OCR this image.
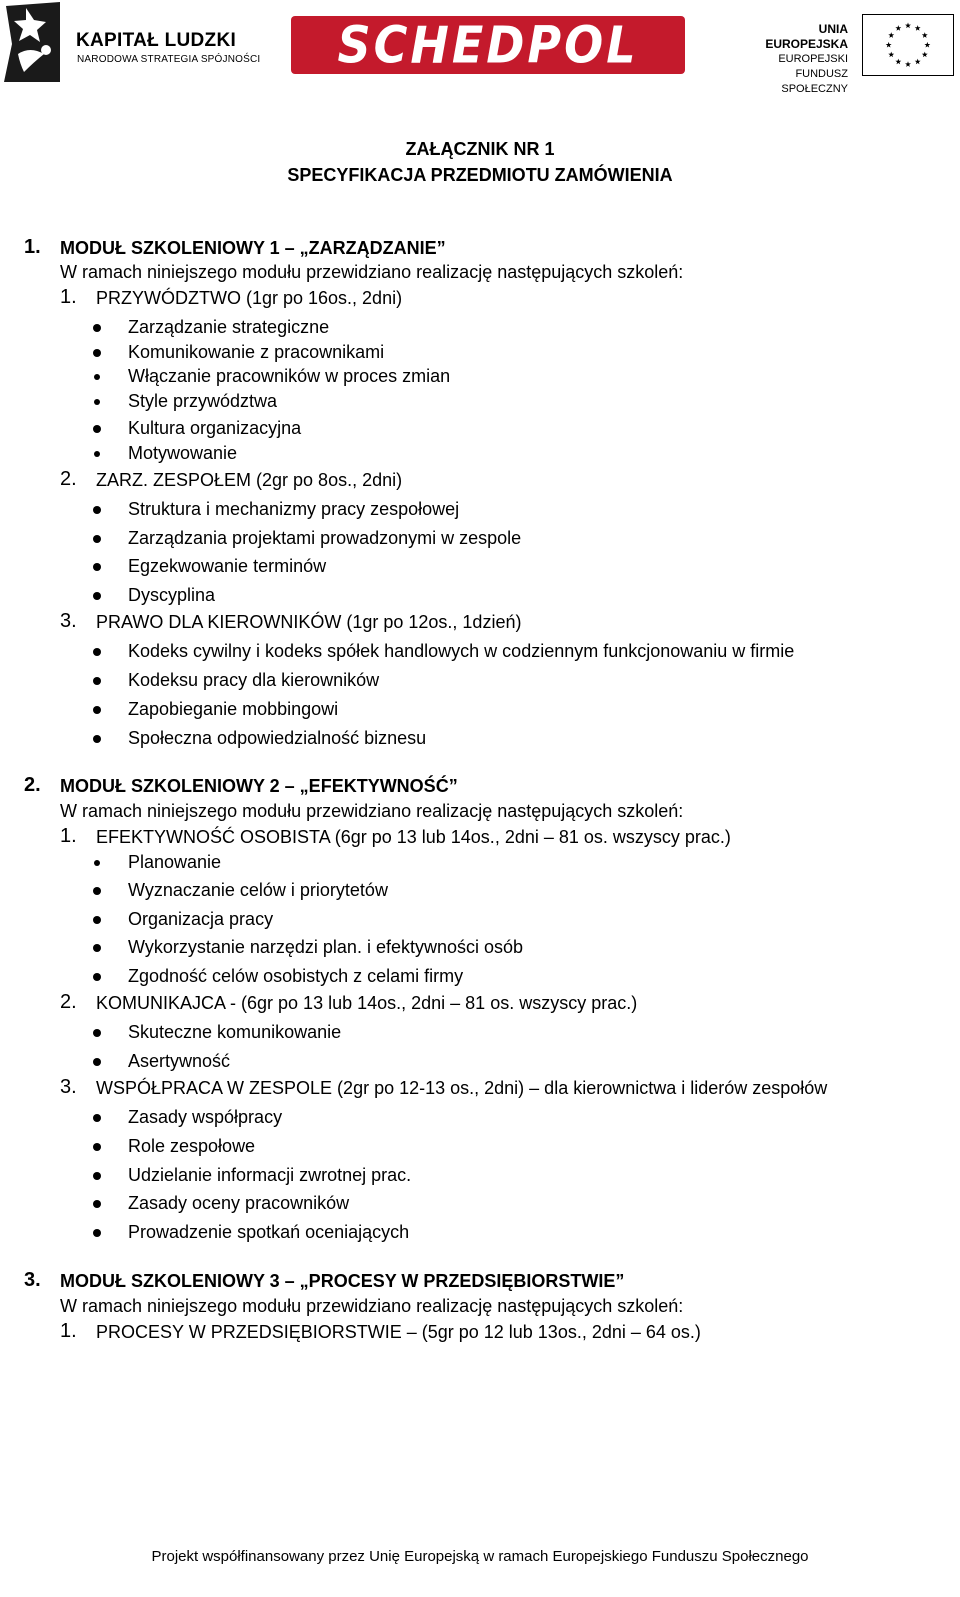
KAPITAŁ LUDZKI
NARODOWA STRATEGIA SPÓJNOŚCI SCHEDPOL	UNIA EUROPEJSKA
EUROPEJSKI
FUNDUSZ SPOŁECZNY
ZAŁĄCZNIK NR 1
SPECYFIKACJA PRZEDMIOTU ZAMÓWIENIA
1. MODUŁ SZKOLENIOWY 1 – „ZARZĄDZANIE”
W ramach niniejszego modułu przewidziano realizację następujących szkoleń:
1. PRZYWÓDZTWO (1gr po 16os., 2dni)
Zarządzanie strategiczne
Komunikowanie z pracownikami
Włączanie pracowników w proces zmian
Style przywództwa
Kultura organizacyjna
Motywowanie
2. ZARZ. ZESPOŁEM (2gr po 8os., 2dni)
Struktura i mechanizmy pracy zespołowej
Zarządzania projektami prowadzonymi w zespole
Egzekwowanie terminów
Dyscyplina
3. PRAWO DLA KIEROWNIKÓW (1gr po 12os., 1dzień)
Kodeks cywilny i kodeks spółek handlowych w codziennym funkcjonowaniu w firmie
Kodeksu pracy dla kierowników
Zapobieganie mobbingowi
Społeczna odpowiedzialność biznesu
2. MODUŁ SZKOLENIOWY 2 – „EFEKTYWNOŚĆ”
W ramach niniejszego modułu przewidziano realizację następujących szkoleń:
1. EFEKTYWNOŚĆ OSOBISTA (6gr po 13 lub 14os., 2dni – 81 os. wszyscy prac.)
Planowanie
Wyznaczanie celów i priorytetów
Organizacja pracy
Wykorzystanie narzędzi plan. i efektywności osób
Zgodność celów osobistych z celami firmy
2. KOMUNIKAJCA - (6gr po 13 lub 14os., 2dni – 81 os. wszyscy prac.)
Skuteczne komunikowanie
Asertywność
3. WSPÓŁPRACA W ZESPOLE (2gr po 12-13 os., 2dni) – dla kierownictwa i liderów zespołów
Zasady współpracy
Role zespołowe
Udzielanie informacji zwrotnej prac.
Zasady oceny pracowników
Prowadzenie spotkań oceniających
3. MODUŁ SZKOLENIOWY 3 – „PROCESY W PRZEDSIĘBIORSTWIE”
W ramach niniejszego modułu przewidziano realizację następujących szkoleń:
1. PROCESY W PRZEDSIĘBIORSTWIE – (5gr po 12 lub 13os., 2dni – 64 os.)
Projekt współfinansowany przez Unię Europejską w ramach Europejskiego Funduszu Społecznego
